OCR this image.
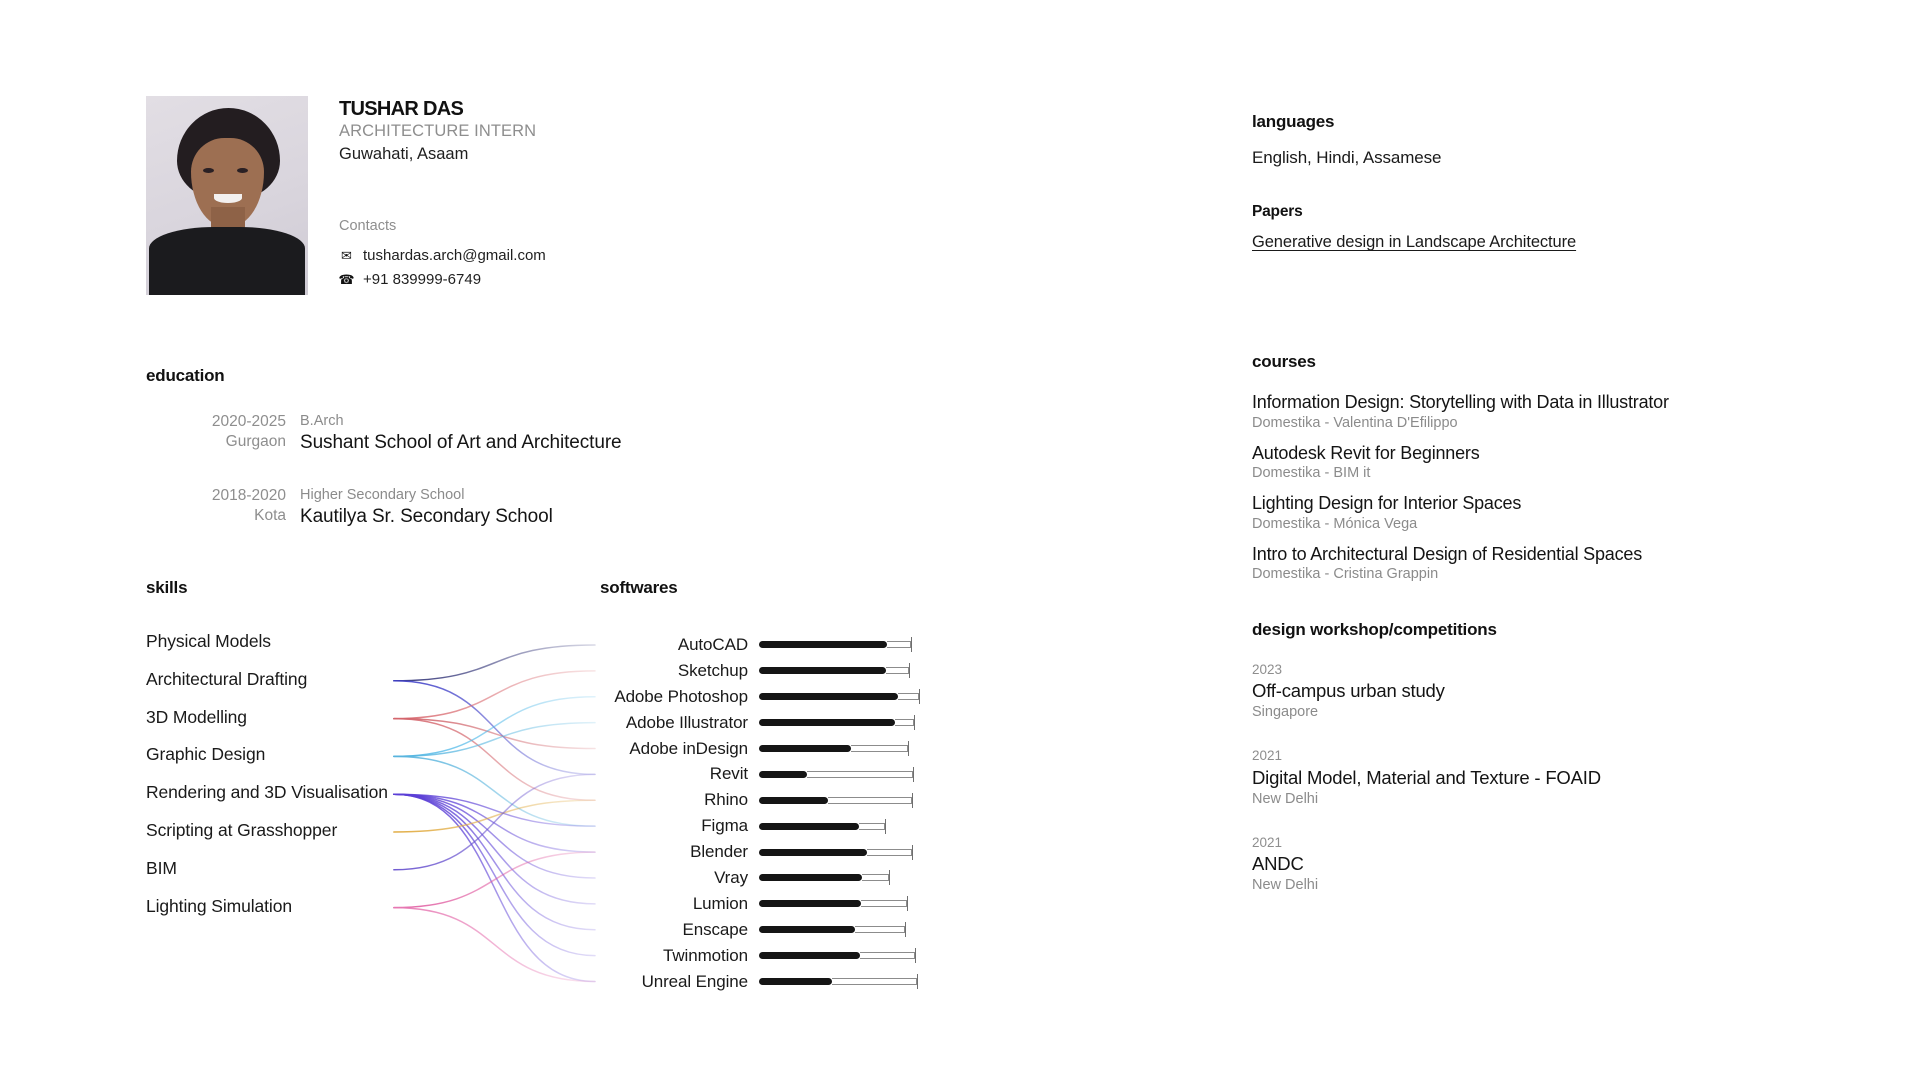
TUSHAR DAS
ARCHITECTURE INTERN
Guwahati, Asaam
Contacts
✉ tushardas.arch@gmail.com
☎ +91 839999-6749
education
2020-2025
Gurgaon
B.Arch
Sushant School of Art and Architecture
2018-2020
Kota
Higher Secondary School
Kautilya Sr. Secondary School
skills
Physical Models
Architectural Drafting
3D Modelling
Graphic Design
Rendering and 3D Visualisation
Scripting at Grasshopper
BIM
Lighting Simulation
softwares
AutoCAD
Sketchup
Adobe Photoshop
Adobe Illustrator
Adobe inDesign
Revit
Rhino
Figma
Blender
Vray
Lumion
Enscape
Twinmotion
Unreal Engine
languages
English, Hindi, Assamese
Papers
Generative design in Landscape Architecture
courses
Information Design: Storytelling with Data in Illustrator
Domestika - Valentina D'Efilippo
Autodesk Revit for Beginners
Domestika - BIM it
Lighting Design for Interior Spaces
Domestika - Mónica Vega
Intro to Architectural Design of Residential Spaces
Domestika - Cristina Grappin
design workshop/competitions
2023
Off-campus urban study
Singapore
2021
Digital Model, Material and Texture - FOAID
New Delhi
2021
ANDC
New Delhi
